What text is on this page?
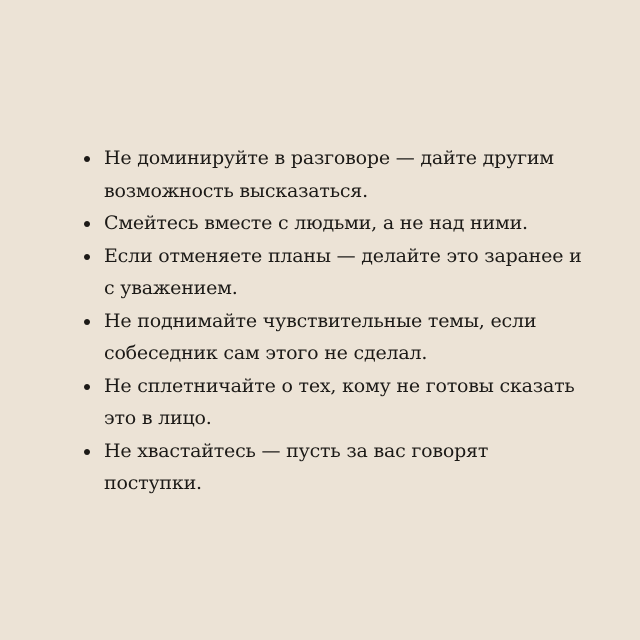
Не доминируйте в разговоре — дайте другим возможность высказаться.
Смейтесь вместе с людьми, а не над ними.
Если отменяете планы — делайте это заранее и с уважением.
Не поднимайте чувствительные темы, если собеседник сам этого не сделал.
Не сплетничайте о тех, кому не готовы сказать это в лицо.
Не хвастайтесь — пусть за вас говорят поступки.
